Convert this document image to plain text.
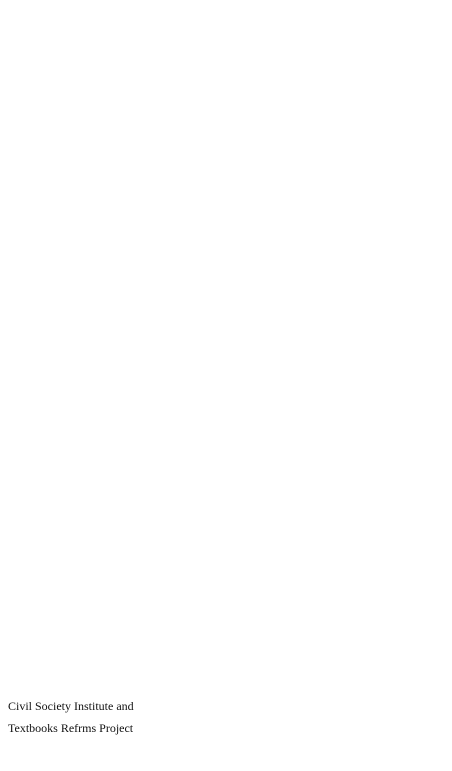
Civil Society Institute and
Textbooks Refrms Project
